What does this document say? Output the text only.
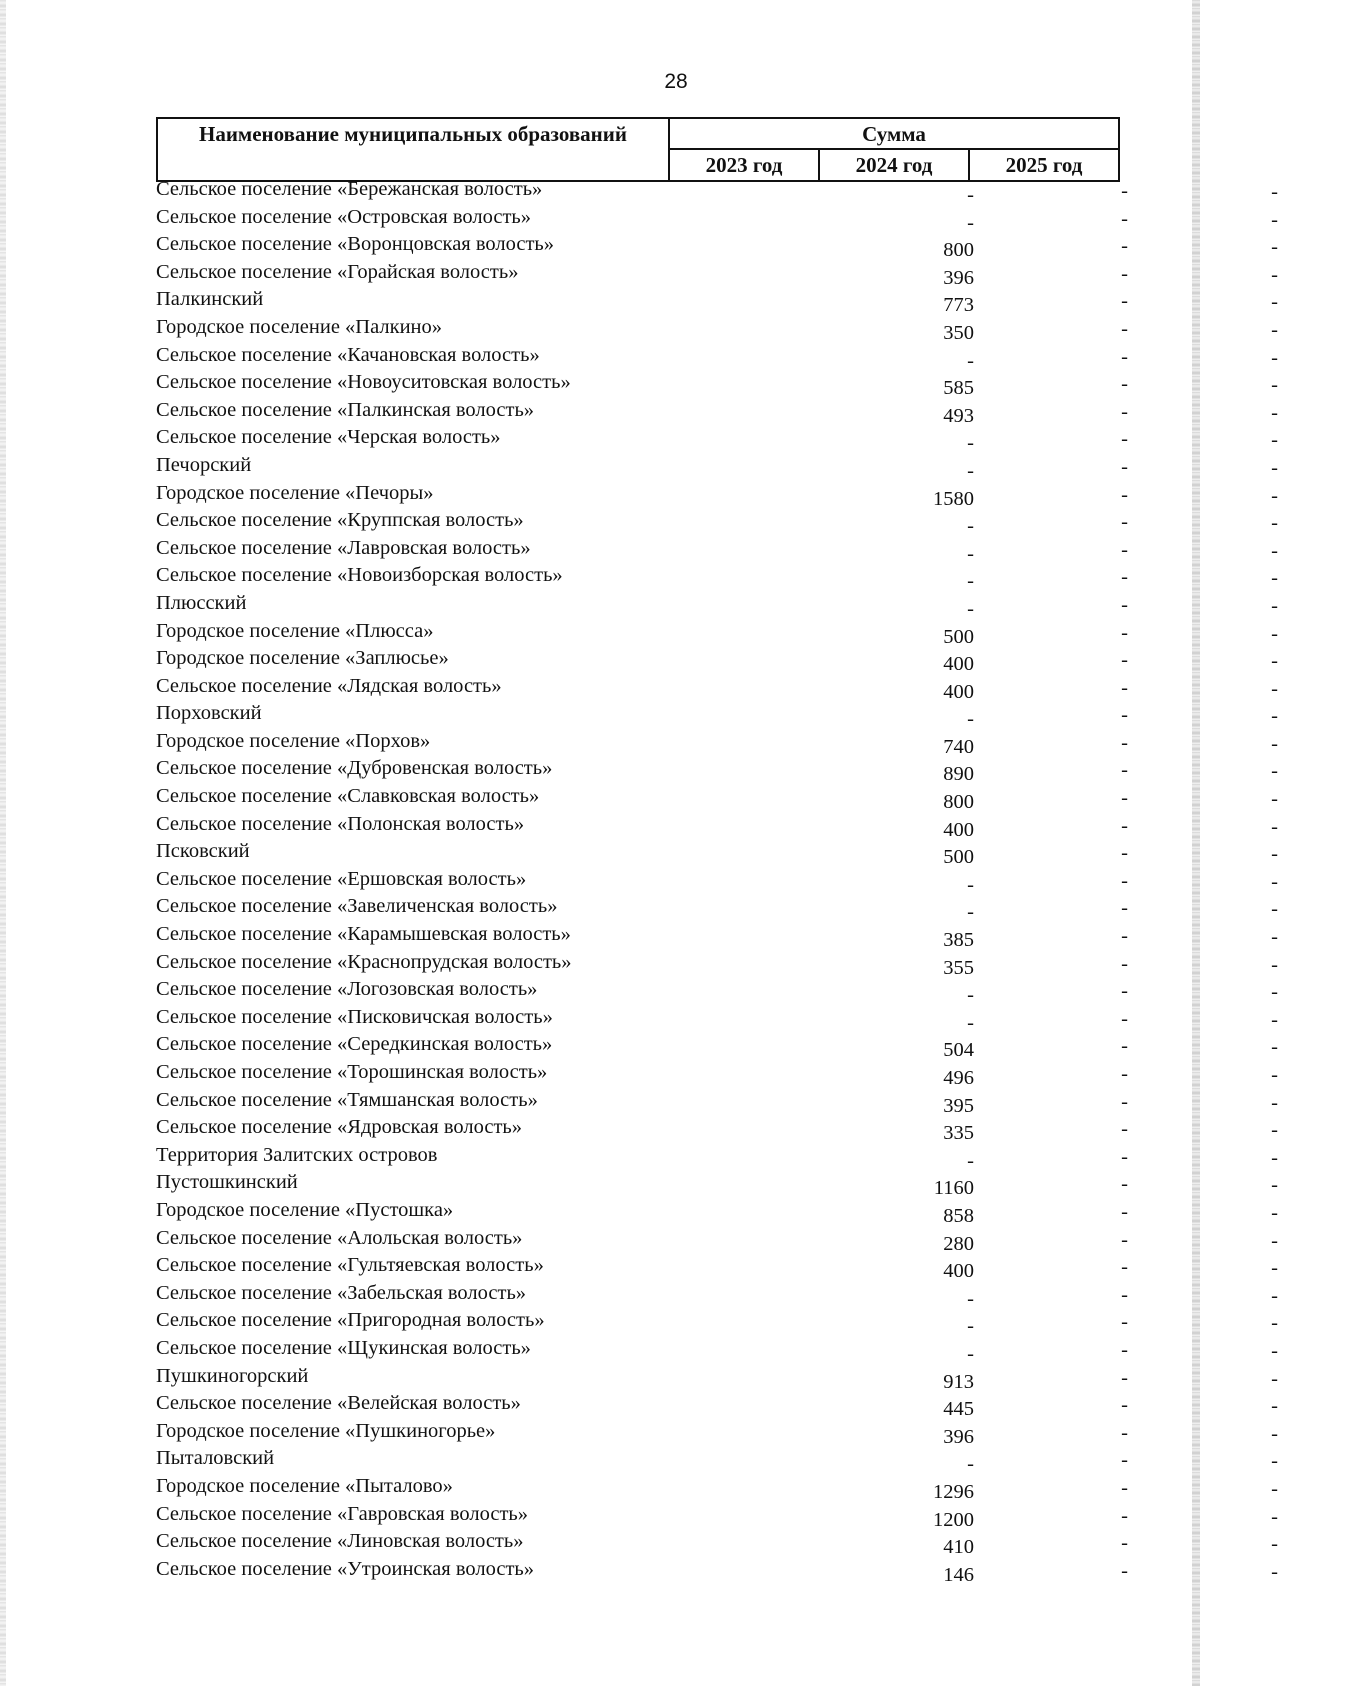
28
Наименование муниципальных образований	Сумма
2023 год	2024 год	2025 год
Сельское поселение «Бережанская волость»	-	-	-
Сельское поселение «Островская волость»	-	-	-
Сельское поселение «Воронцовская волость»	800	-	-
Сельское поселение «Горайская волость»	396	-	-
Палкинский	773	-	-
Городское поселение «Палкино»	350	-	-
Сельское поселение «Качановская волость»	-	-	-
Сельское поселение «Новоуситовская волость»	585	-	-
Сельское поселение «Палкинская волость»	493	-	-
Сельское поселение «Черская волость»	-	-	-
Печорский	-	-	-
Городское поселение «Печоры»	1580	-	-
Сельское поселение «Круппская волость»	-	-	-
Сельское поселение «Лавровская волость»	-	-	-
Сельское поселение «Новоизборская волость»	-	-	-
Плюсский	-	-	-
Городское поселение «Плюсса»	500	-	-
Городское поселение «Заплюсье»	400	-	-
Сельское поселение «Лядская волость»	400	-	-
Порховский	-	-	-
Городское поселение «Порхов»	740	-	-
Сельское поселение «Дубровенская волость»	890	-	-
Сельское поселение «Славковская волость»	800	-	-
Сельское поселение «Полонская волость»	400	-	-
Псковский	500	-	-
Сельское поселение «Ершовская волость»	-	-	-
Сельское поселение «Завеличенская волость»	-	-	-
Сельское поселение «Карамышевская волость»	385	-	-
Сельское поселение «Краснопрудская волость»	355	-	-
Сельское поселение «Логозовская волость»	-	-	-
Сельское поселение «Писковичская волость»	-	-	-
Сельское поселение «Середкинская волость»	504	-	-
Сельское поселение «Торошинская волость»	496	-	-
Сельское поселение «Тямшанская волость»	395	-	-
Сельское поселение «Ядровская волость»	335	-	-
Территория Залитских островов	-	-	-
Пустошкинский	1160	-	-
Городское поселение «Пустошка»	858	-	-
Сельское поселение «Алольская волость»	280	-	-
Сельское поселение «Гультяевская волость»	400	-	-
Сельское поселение «Забельская волость»	-	-	-
Сельское поселение «Пригородная волость»	-	-	-
Сельское поселение «Щукинская волость»	-	-	-
Пушкиногорский	913	-	-
Сельское поселение «Велейская волость»	445	-	-
Городское поселение «Пушкиногорье»	396	-	-
Пыталовский	-	-	-
Городское поселение «Пыталово»	1296	-	-
Сельское поселение «Гавровская волость»	1200	-	-
Сельское поселение «Линовская волость»	410	-	-
Сельское поселение «Утроинская волость»	146	-	-
